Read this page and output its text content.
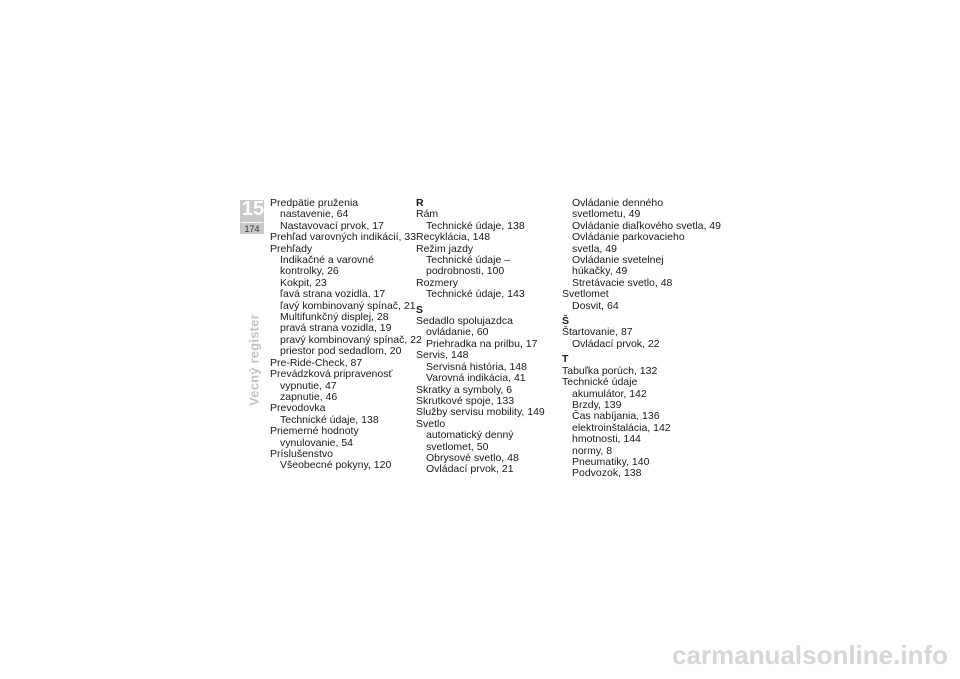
15
174
Vecný register
Predpätie pruženia
nastavenie, 64
Nastavovací prvok, 17
Prehľad varovných indikácií, 33
Prehľady
Indikačné a varovné
kontrolky, 26
Kokpit, 23
ľavá strana vozidla, 17
ľavý kombinovaný spínač, 21
Multifunkčný displej, 28
pravá strana vozidla, 19
pravý kombinovaný spínač, 22
priestor pod sedadlom, 20
Pre-Ride-Check, 87
Prevádzková pripravenosť
vypnutie, 47
zapnutie, 46
Prevodovka
Technické údaje, 138
Priemerné hodnoty
vynulovanie, 54
Príslušenstvo
Všeobecné pokyny, 120
R
Rám
Technické údaje, 138
Recyklácia, 148
Režim jazdy
Technické údaje –
podrobnosti, 100
Rozmery
Technické údaje, 143
S
Sedadlo spolujazdca
ovládanie, 60
Priehradka na prilbu, 17
Servis, 148
Servisná história, 148
Varovná indikácia, 41
Skratky a symboly, 6
Skrutkové spoje, 133
Služby servisu mobility, 149
Svetlo
automatický denný
svetlomet, 50
Obrysové svetlo, 48
Ovládací prvok, 21
Ovládanie denného
svetlometu, 49
Ovládanie diaľkového svetla, 49
Ovládanie parkovacieho
svetla, 49
Ovládanie svetelnej
húkačky, 49
Stretávacie svetlo, 48
Svetlomet
Dosvit, 64
Š
Štartovanie, 87
Ovládací prvok, 22
T
Tabuľka porúch, 132
Technické údaje
akumulátor, 142
Brzdy, 139
Čas nabíjania, 136
elektroinštalácia, 142
hmotnosti, 144
normy, 8
Pneumatiky, 140
Podvozok, 138
carmanualsonline.info
